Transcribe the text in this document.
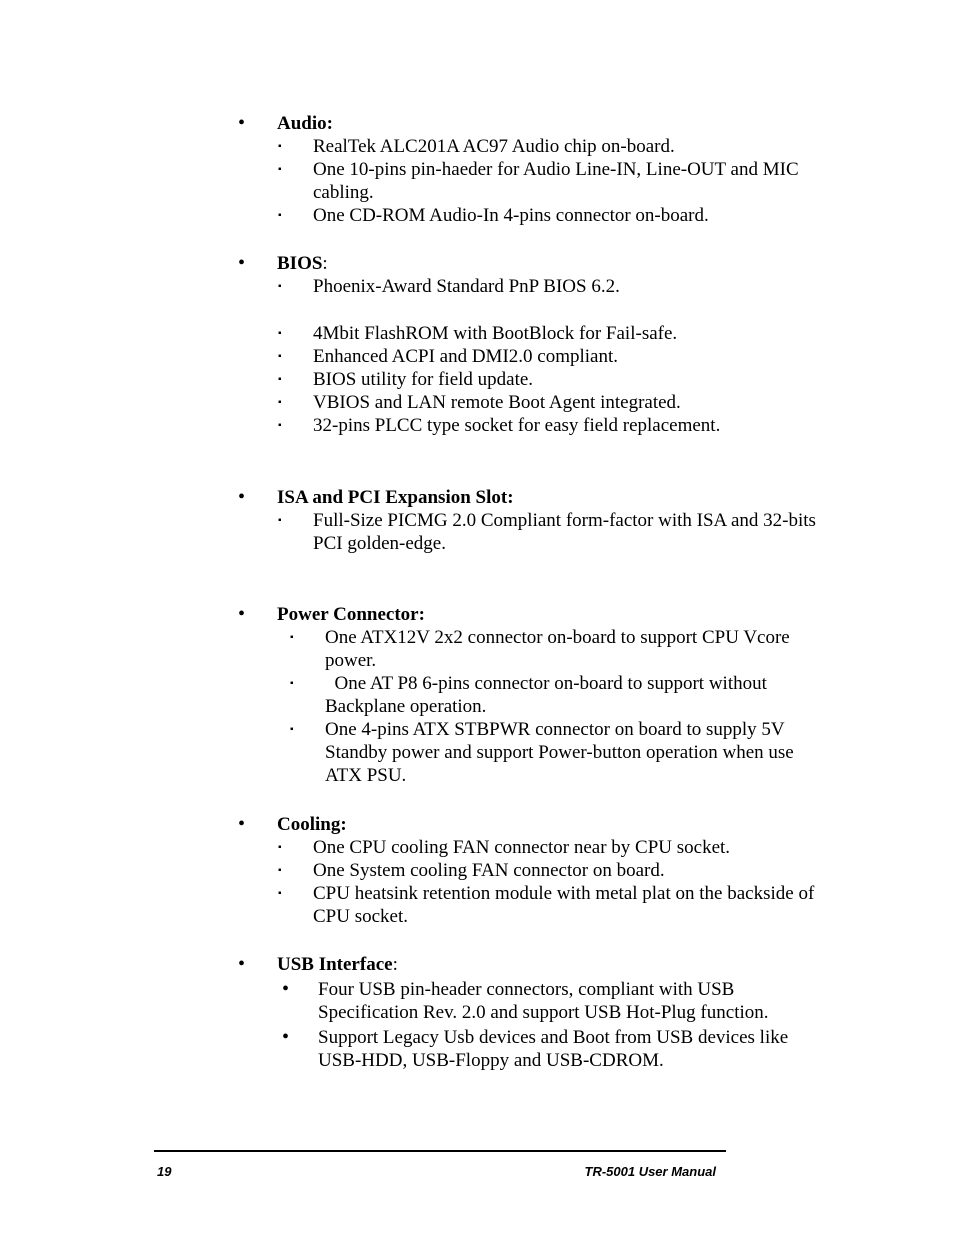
•	Audio:
▪	RealTek ALC201A AC97 Audio chip on-board.
▪	One 10-pins pin-haeder for Audio Line-IN, Line-OUT and MIC cabling.
▪	One CD-ROM Audio-In 4-pins connector on-board.
•	BIOS:
▪	Phoenix-Award Standard PnP BIOS 6.2.
▪	4Mbit FlashROM with BootBlock for Fail-safe.
▪	Enhanced ACPI and DMI2.0 compliant.
▪	BIOS utility for field update.
▪	VBIOS and LAN remote Boot Agent integrated.
▪	32-pins PLCC type socket for easy field replacement.
•	ISA and PCI Expansion Slot:
▪	Full-Size PICMG 2.0 Compliant form-factor with ISA and 32-bits PCI golden-edge.
•	Power Connector:
▪	One ATX12V 2x2 connector on-board to support CPU Vcore power.
▪	One AT P8 6-pins connector on-board to support without Backplane operation.
▪	One 4-pins ATX STBPWR connector on board to supply 5V Standby power and support Power-button operation when use ATX PSU.
•	Cooling:
▪	One CPU cooling FAN connector near by CPU socket.
▪	One System cooling FAN connector on board.
▪	CPU heatsink retention module with metal plat on the backside of CPU socket.
•	USB Interface:
•	Four USB pin-header connectors, compliant with USB Specification Rev. 2.0 and support USB Hot-Plug function.
•	Support Legacy Usb devices and Boot from USB devices like USB-HDD, USB-Floppy and USB-CDROM.
19	TR-5001 User Manual
